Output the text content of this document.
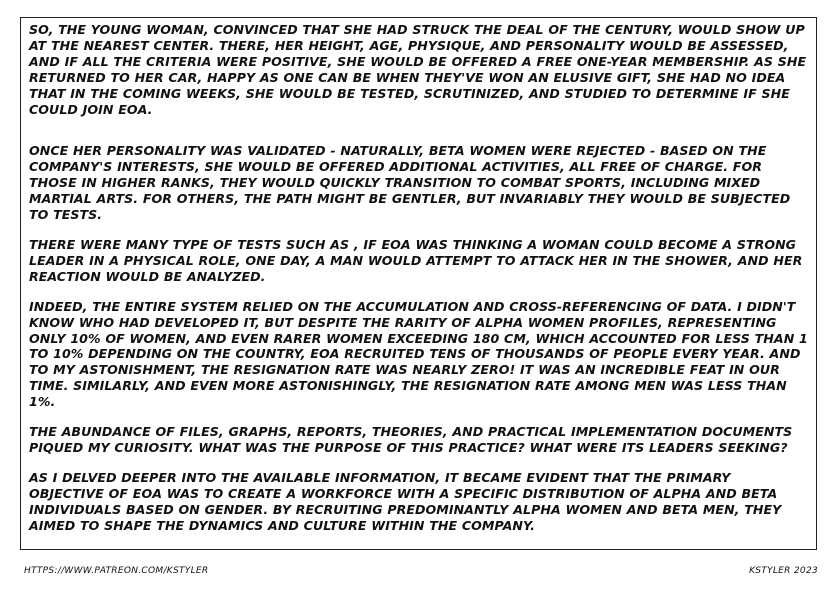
SO, THE YOUNG WOMAN, CONVINCED THAT SHE HAD STRUCK THE DEAL OF THE CENTURY, WOULD SHOW UP AT THE NEAREST CENTER. THERE, HER HEIGHT, AGE, PHYSIQUE, AND PERSONALITY WOULD BE ASSESSED, AND IF ALL THE CRITERIA WERE POSITIVE, SHE WOULD BE OFFERED A FREE ONE-YEAR MEMBERSHIP. AS SHE RETURNED TO HER CAR, HAPPY AS ONE CAN BE WHEN THEY'VE WON AN ELUSIVE GIFT, SHE HAD NO IDEA THAT IN THE COMING WEEKS, SHE WOULD BE TESTED, SCRUTINIZED, AND STUDIED TO DETERMINE IF SHE COULD JOIN EOA.

ONCE HER PERSONALITY WAS VALIDATED - NATURALLY, BETA WOMEN WERE REJECTED - BASED ON THE COMPANY'S INTERESTS, SHE WOULD BE OFFERED ADDITIONAL ACTIVITIES, ALL FREE OF CHARGE. FOR THOSE IN HIGHER RANKS, THEY WOULD QUICKLY TRANSITION TO COMBAT SPORTS, INCLUDING MIXED MARTIAL ARTS. FOR OTHERS, THE PATH MIGHT BE GENTLER, BUT INVARIABLY THEY WOULD BE SUBJECTED TO TESTS.

THERE WERE MANY TYPE OF TESTS SUCH AS , IF EOA WAS THINKING A WOMAN COULD BECOME A STRONG LEADER IN A PHYSICAL ROLE, ONE DAY, A MAN WOULD ATTEMPT TO ATTACK HER IN THE SHOWER, AND HER REACTION WOULD BE ANALYZED.

INDEED, THE ENTIRE SYSTEM RELIED ON THE ACCUMULATION AND CROSS-REFERENCING OF DATA. I DIDN'T KNOW WHO HAD DEVELOPED IT, BUT DESPITE THE RARITY OF ALPHA WOMEN PROFILES, REPRESENTING ONLY 10% OF WOMEN, AND EVEN RARER WOMEN EXCEEDING 180 CM, WHICH ACCOUNTED FOR LESS THAN 1 TO 10% DEPENDING ON THE COUNTRY, EOA RECRUITED TENS OF THOUSANDS OF PEOPLE EVERY YEAR. AND TO MY ASTONISHMENT, THE RESIGNATION RATE WAS NEARLY ZERO! IT WAS AN INCREDIBLE FEAT IN OUR TIME. SIMILARLY, AND EVEN MORE ASTONISHINGLY, THE RESIGNATION RATE AMONG MEN WAS LESS THAN 1%.

THE ABUNDANCE OF FILES, GRAPHS, REPORTS, THEORIES, AND PRACTICAL IMPLEMENTATION DOCUMENTS PIQUED MY CURIOSITY. WHAT WAS THE PURPOSE OF THIS PRACTICE? WHAT WERE ITS LEADERS SEEKING?

AS I DELVED DEEPER INTO THE AVAILABLE INFORMATION, IT BECAME EVIDENT THAT THE PRIMARY OBJECTIVE OF EOA WAS TO CREATE A WORKFORCE WITH A SPECIFIC DISTRIBUTION OF ALPHA AND BETA INDIVIDUALS BASED ON GENDER. BY RECRUITING PREDOMINANTLY ALPHA WOMEN AND BETA MEN, THEY AIMED TO SHAPE THE DYNAMICS AND CULTURE WITHIN THE COMPANY.

HTTPS://WWW.PATREON.COM/KSTYLER	KSTYLER 2023
